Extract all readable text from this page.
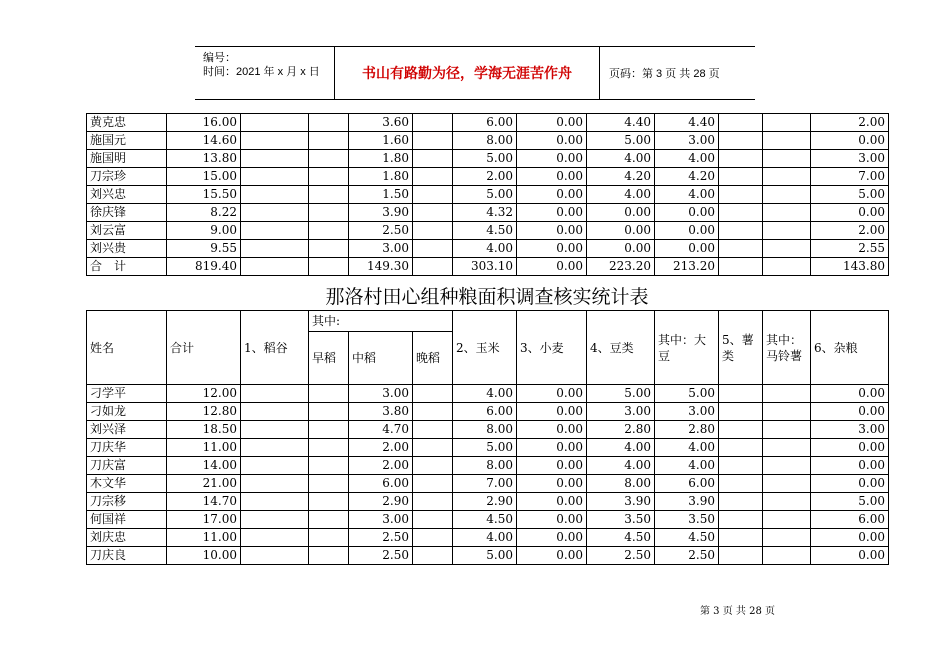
编号：
时间：2021 年 x 月 x 日	书山有路勤为径，学海无涯苦作舟	页码：第 3 页 共 28 页
黄克忠	16.00			3.60		6.00	0.00	4.40	4.40			2.00
施国元	14.60			1.60		8.00	0.00	5.00	3.00			0.00
施国明	13.80			1.80		5.00	0.00	4.00	4.00			3.00
刀宗珍	15.00			1.80		2.00	0.00	4.20	4.20			7.00
刘兴忠	15.50			1.50		5.00	0.00	4.00	4.00			5.00
徐庆锋	8.22			3.90		4.32	0.00	0.00	0.00			0.00
刘云富	9.00			2.50		4.50	0.00	0.00	0.00			2.00
刘兴贵	9.55			3.00		4.00	0.00	0.00	0.00			2.55
合　计	819.40			149.30		303.10	0.00	223.20	213.20			143.80
那洛村田心组种粮面积调查核实统计表
姓名	合计	1、稻谷	其中:			2、玉米	3、小麦	4、豆类	其中：大豆	5、薯类	其中：马铃薯	6、杂粮
			早稻	中稻	晚稻							
刁学平	12.00			3.00		4.00	0.00	5.00	5.00			0.00
刁如龙	12.80			3.80		6.00	0.00	3.00	3.00			0.00
刘兴泽	18.50			4.70		8.00	0.00	2.80	2.80			3.00
刀庆华	11.00			2.00		5.00	0.00	4.00	4.00			0.00
刀庆富	14.00			2.00		8.00	0.00	4.00	4.00			0.00
木文华	21.00			6.00		7.00	0.00	8.00	6.00			0.00
刀宗移	14.70			2.90		2.90	0.00	3.90	3.90			5.00
何国祥	17.00			3.00		4.50	0.00	3.50	3.50			6.00
刘庆忠	11.00			2.50		4.00	0.00	4.50	4.50			0.00
刀庆良	10.00			2.50		5.00	0.00	2.50	2.50			0.00
第 3 页 共 28 页
